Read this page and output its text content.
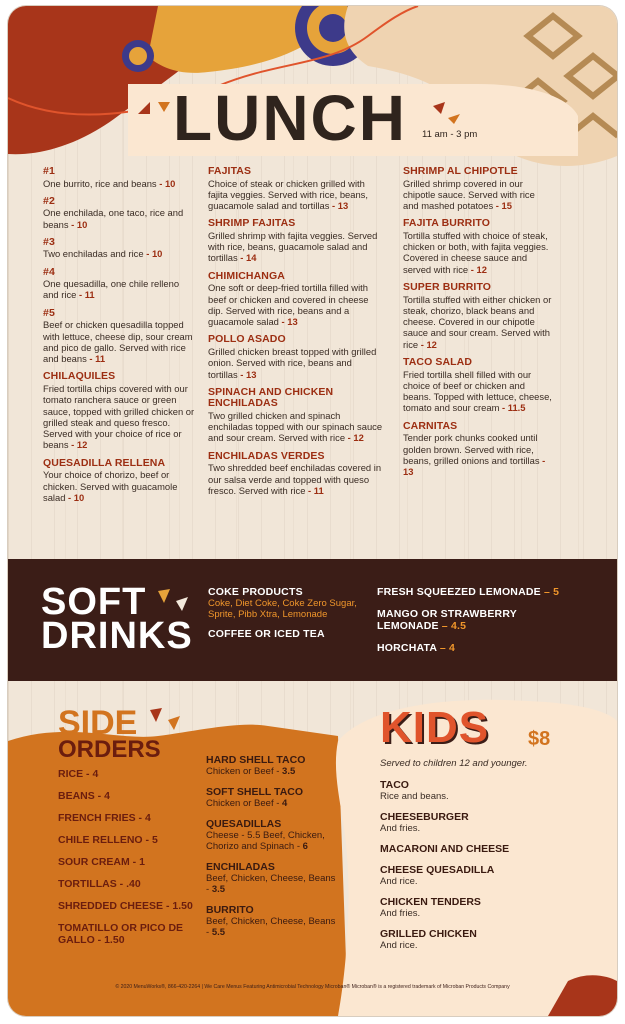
LUNCH 11 am - 3 pm
#1
One burrito, rice and beans - 10
#2
One enchilada, one taco, rice and beans - 10
#3
Two enchiladas and rice - 10
#4
One quesadilla, one chile relleno and rice - 11
#5
Beef or chicken quesadilla topped with lettuce, cheese dip, sour cream and pico de gallo. Served with rice and beans - 11
CHILAQUILES
Fried tortilla chips covered with our tomato ranchera sauce or green sauce, topped with grilled chicken or grilled steak and queso fresco. Served with your choice of rice or beans - 12
QUESADILLA RELLENA
Your choice of chorizo, beef or chicken. Served with guacamole salad - 10
FAJITAS
Choice of steak or chicken grilled with fajita veggies. Served with rice, beans, guacamole salad and tortillas - 13
SHRIMP FAJITAS
Grilled shrimp with fajita veggies. Served with rice, beans, guacamole salad and tortillas - 14
CHIMICHANGA
One soft or deep-fried tortilla filled with beef or chicken and covered in cheese dip. Served with rice, beans and a guacamole salad - 13
POLLO ASADO
Grilled chicken breast topped with grilled onion. Served with rice, beans and tortillas - 13
SPINACH AND CHICKEN ENCHILADAS
Two grilled chicken and spinach enchiladas topped with our spinach sauce and sour cream. Served with rice - 12
ENCHILADAS VERDES
Two shredded beef enchiladas covered in our salsa verde and topped with queso fresco. Served with rice - 11
SHRIMP AL CHIPOTLE
Grilled shrimp covered in our chipotle sauce. Served with rice and mashed potatoes - 15
FAJITA BURRITO
Tortilla stuffed with choice of steak, chicken or both, with fajita veggies. Covered in cheese sauce and served with rice - 12
SUPER BURRITO
Tortilla stuffed with either chicken or steak, chorizo, black beans and cheese. Covered in our chipotle sauce and sour cream. Served with rice - 12
TACO SALAD
Fried tortilla shell filled with our choice of beef or chicken and beans. Topped with lettuce, cheese, tomato and sour cream - 11.5
CARNITAS
Tender pork chunks cooked until golden brown. Served with rice, beans, grilled onions and tortillas- 13
SOFT
DRINKS
COKE PRODUCTS
Coke, Diet Coke, Coke Zero Sugar, Sprite, Pibb Xtra, Lemonade
COFFEE OR ICED TEA
FRESH SQUEEZED LEMONADE – 5
MANGO OR STRAWBERRY LEMONADE – 4.5
HORCHATA – 4
SIDE
ORDERS
RICE - 4
BEANS - 4
FRENCH FRIES - 4
CHILE RELLENO - 5
SOUR CREAM - 1
TORTILLAS - .40
SHREDDED CHEESE - 1.50
TOMATILLO OR PICO DE GALLO - 1.50
HARD SHELL TACO
Chicken or Beef - 3.5
SOFT SHELL TACO
Chicken or Beef - 4
QUESADILLAS
Cheese - 5.5 Beef, Chicken, Chorizo and Spinach - 6
ENCHILADAS
Beef, Chicken, Cheese, Beans - 3.5
BURRITO
Beef, Chicken, Cheese, Beans - 5.5
KIDS $8
Served to children 12 and younger.
TACO
Rice and beans.
CHEESEBURGER
And fries.
MACARONI AND CHEESE
CHEESE QUESADILLA
And rice.
CHICKEN TENDERS
And fries.
GRILLED CHICKEN
And rice.
© 2020 MenuWorks®, 866-420-2264 | We Care Menus Featuring Antimicrobial Technology Microban® Microban® is a registered trademark of Microban Products Company
